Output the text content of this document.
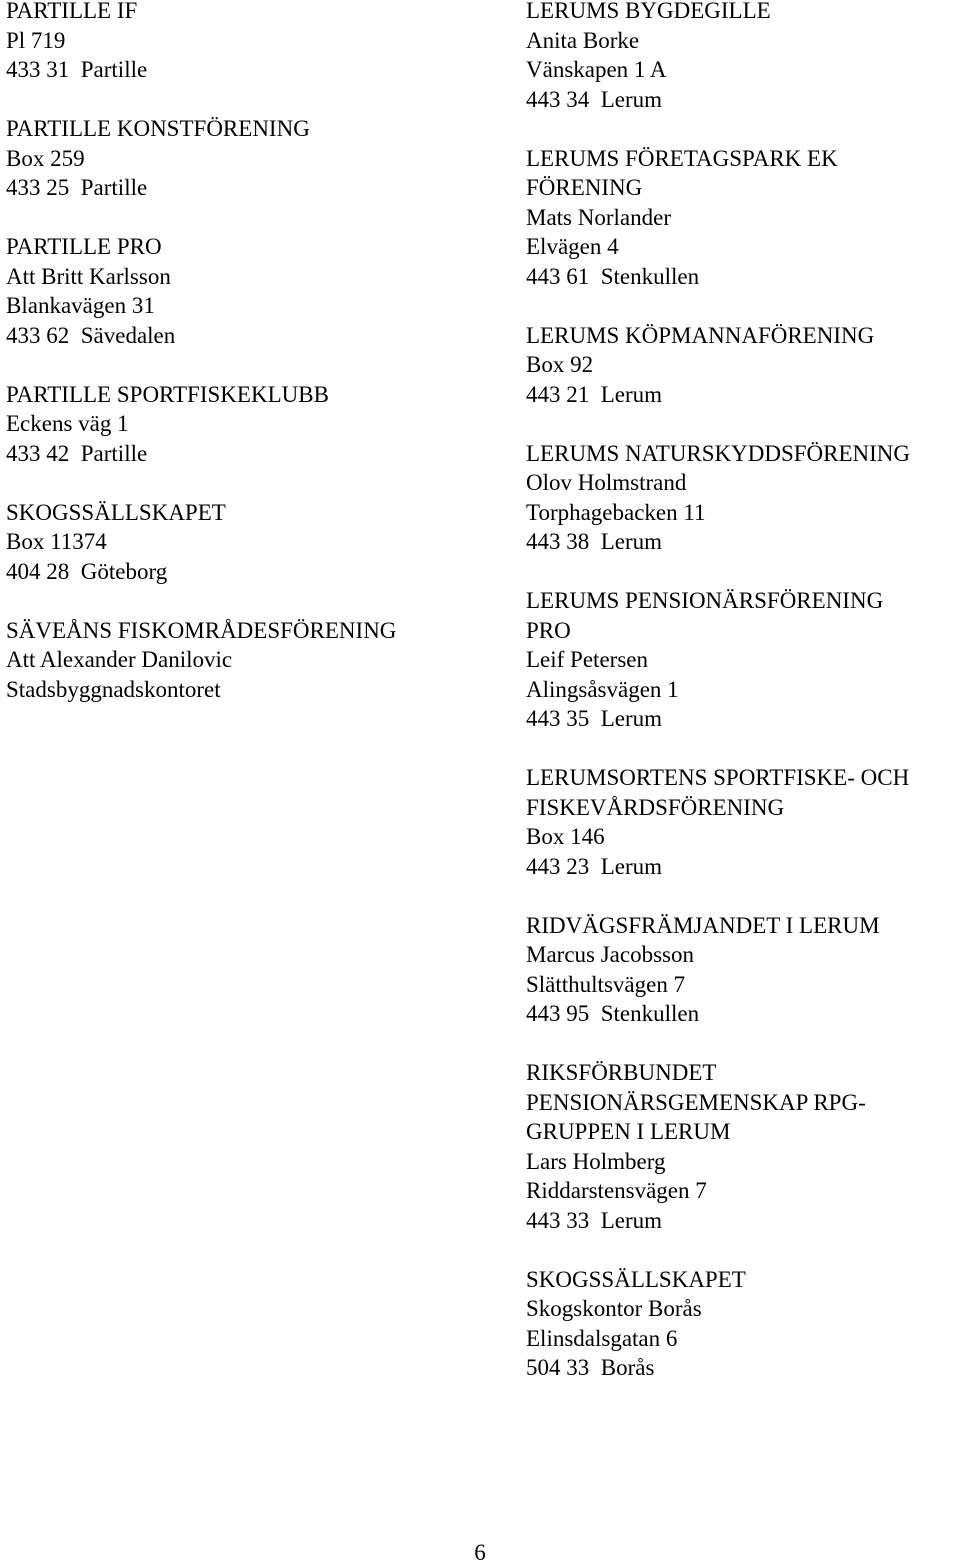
PARTILLE IF
Pl 719
433 31  Partille
PARTILLE KONSTFÖRENING
Box 259
433 25  Partille
PARTILLE PRO
Att Britt Karlsson
Blankavägen 31
433 62  Sävedalen
PARTILLE SPORTFISKEKLUBB
Eckens väg 1
433 42  Partille
SKOGSSÄLLSKAPET
Box 11374
404 28  Göteborg
SÄVEÅNS FISKOMRÅDESFÖRENING
Att Alexander Danilovic
Stadsbyggnadskontoret
LERUMS BYGDEGILLE
Anita Borke
Vänskapen 1 A
443 34  Lerum
LERUMS FÖRETAGSPARK EK
FÖRENING
Mats Norlander
Elvägen 4
443 61  Stenkullen
LERUMS KÖPMANNAFÖRENING
Box 92
443 21  Lerum
LERUMS NATURSKYDDSFÖRENING
Olov Holmstrand
Torphagebacken 11
443 38  Lerum
LERUMS PENSIONÄRSFÖRENING
PRO
Leif Petersen
Alingsåsvägen 1
443 35  Lerum
LERUMSORTENS SPORTFISKE- OCH
FISKEVÅRDSFÖRENING
Box 146
443 23  Lerum
RIDVÄGSFRÄMJANDET I LERUM
Marcus Jacobsson
Slätthultsvägen 7
443 95  Stenkullen
RIKSFÖRBUNDET
PENSIONÄRSGEMENSKAP RPG-
GRUPPEN I LERUM
Lars Holmberg
Riddarstensvägen 7
443 33  Lerum
SKOGSSÄLLSKAPET
Skogskontor Borås
Elinsdalsgatan 6
504 33  Borås
6
